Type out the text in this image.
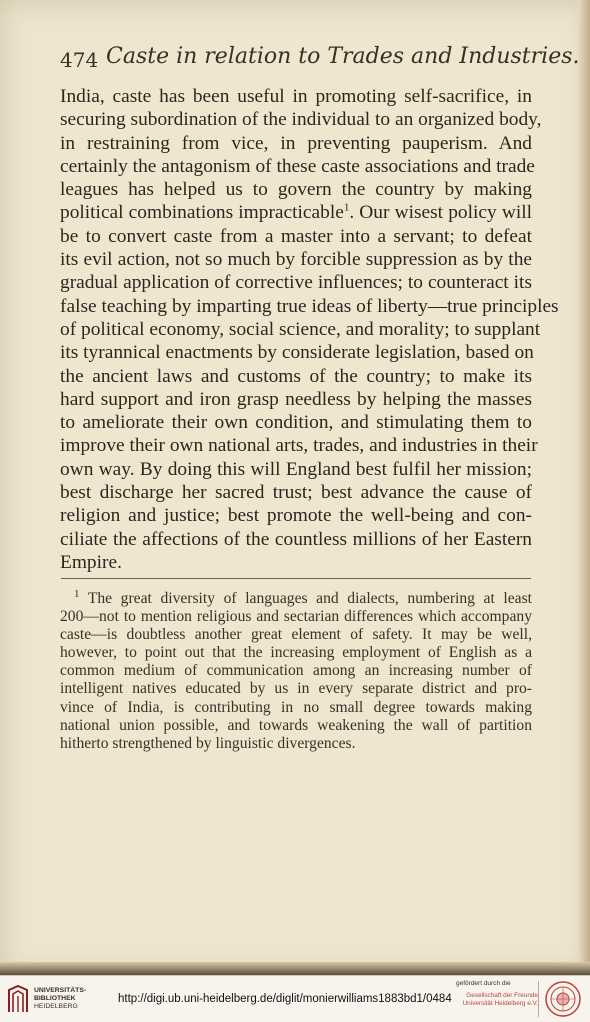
474 Caste in relation to Trades and Industries.
India, caste has been useful in promoting self-sacrifice, in
securing subordination of the individual to an organized body,
in restraining from vice, in preventing pauperism. And
certainly the antagonism of these caste associations and trade
leagues has helped us to govern the country by making
political combinations impracticable$^1$. Our wisest policy will
be to convert caste from a master into a servant; to defeat
its evil action, not so much by forcible suppression as by the
gradual application of corrective influences; to counteract its
false teaching by imparting true ideas of liberty—true principles
of political economy, social science, and morality; to supplant
its tyrannical enactments by considerate legislation, based on
the ancient laws and customs of the country; to make its
hard support and iron grasp needless by helping the masses
to ameliorate their own condition, and stimulating them to
improve their own national arts, trades, and industries in their
own way. By doing this will England best fulfil her mission;
best discharge her sacred trust; best advance the cause of
religion and justice; best promote the well-being and con-
ciliate the affections of the countless millions of her Eastern
Empire.
$^1$ The great diversity of languages and dialects, numbering at least
200—not to mention religious and sectarian differences which accompany
caste—is doubtless another great element of safety. It may be well,
however, to point out that the increasing employment of English as a
common medium of communication among an increasing number of
intelligent natives educated by us in every separate district and pro-
vince of India, is contributing in no small degree towards making
national union possible, and towards weakening the wall of partition
hitherto strengthened by linguistic divergences.
UNIVERSITÄTS-
BIBLIOTHEK
HEIDELBERG
http://digi.ub.uni-heidelberg.de/diglit/monierwilliams1883bd1/0484
gefördert durch die
Gesellschaft der Freunde
Universität Heidelberg e.V.
